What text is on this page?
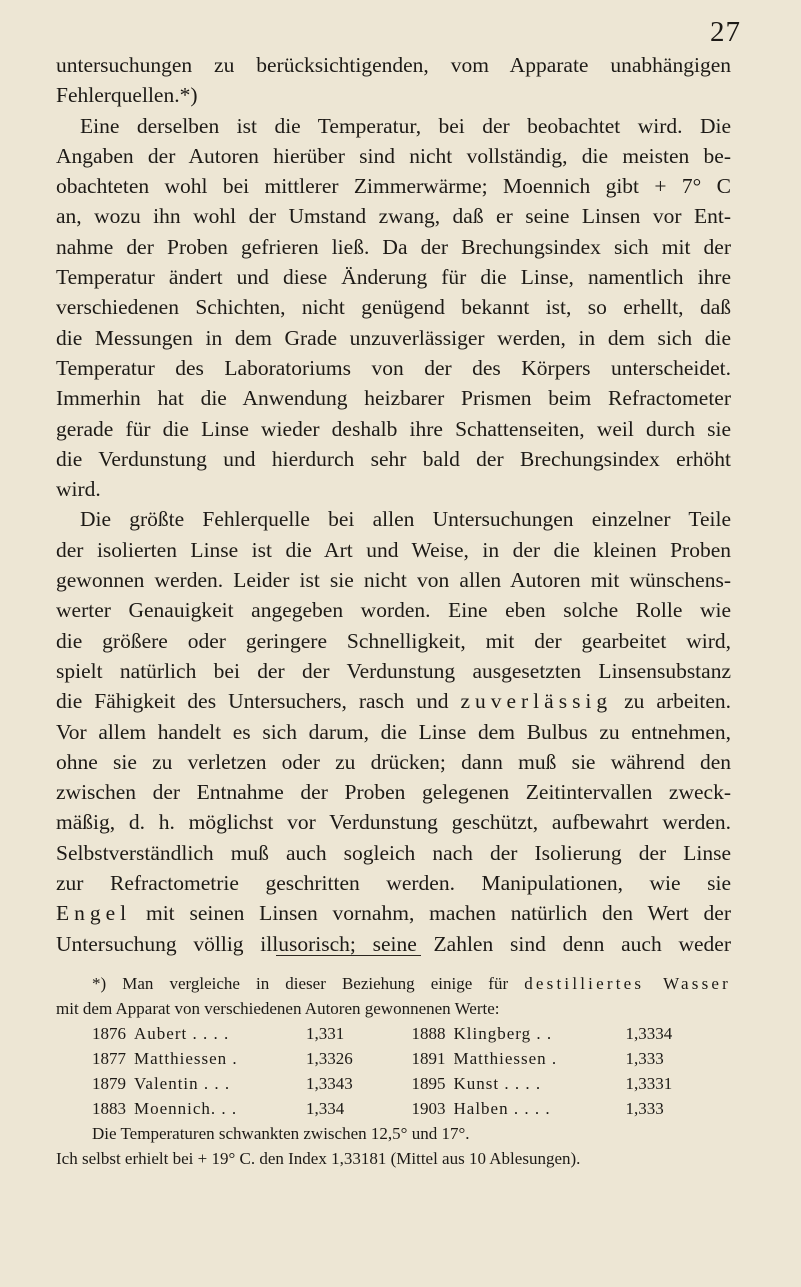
27
untersuchungen zu berücksichtigenden, vom Apparate unabhängigen
Fehlerquellen.*)
Eine derselben ist die Temperatur, bei der beobachtet wird. Die
Angaben der Autoren hierüber sind nicht vollständig, die meisten be-
obachteten wohl bei mittlerer Zimmerwärme; Moennich gibt + 7° C
an, wozu ihn wohl der Umstand zwang, daß er seine Linsen vor Ent-
nahme der Proben gefrieren ließ. Da der Brechungsindex sich mit der
Temperatur ändert und diese Änderung für die Linse, namentlich ihre
verschiedenen Schichten, nicht genügend bekannt ist, so erhellt, daß
die Messungen in dem Grade unzuverlässiger werden, in dem sich die
Temperatur des Laboratoriums von der des Körpers unterscheidet.
Immerhin hat die Anwendung heizbarer Prismen beim Refractometer
gerade für die Linse wieder deshalb ihre Schattenseiten, weil durch sie
die Verdunstung und hierdurch sehr bald der Brechungsindex erhöht
wird.
Die größte Fehlerquelle bei allen Untersuchungen einzelner Teile
der isolierten Linse ist die Art und Weise, in der die kleinen Proben
gewonnen werden. Leider ist sie nicht von allen Autoren mit wünschens-
werter Genauigkeit angegeben worden. Eine eben solche Rolle wie
die größere oder geringere Schnelligkeit, mit der gearbeitet wird,
spielt natürlich bei der der Verdunstung ausgesetzten Linsensubstanz
die Fähigkeit des Untersuchers, rasch und zuverlässig zu arbeiten.
Vor allem handelt es sich darum, die Linse dem Bulbus zu entnehmen,
ohne sie zu verletzen oder zu drücken; dann muß sie während den
zwischen der Entnahme der Proben gelegenen Zeitintervallen zweck-
mäßig, d. h. möglichst vor Verdunstung geschützt, aufbewahrt werden.
Selbstverständlich muß auch sogleich nach der Isolierung der Linse
zur Refractometrie geschritten werden. Manipulationen, wie sie
Engel mit seinen Linsen vornahm, machen natürlich den Wert der
Untersuchung völlig illusorisch; seine Zahlen sind denn auch weder
*) Man vergleiche in dieser Beziehung einige für destilliertes Wasser
mit dem Apparat von verschiedenen Autoren gewonnenen Werte:
1876 Aubert . . . .	1,331	1888 Klingberg . .	1,3334
1877 Matthiessen .	1,3326	1891 Matthiessen .	1,333
1879 Valentin . . .	1,3343	1895 Kunst . . . .	1,3331
1883 Moennich. . .	1,334	1903 Halben . . . .	1,333
Die Temperaturen schwankten zwischen 12,5° und 17°.
Ich selbst erhielt bei + 19° C. den Index 1,33181 (Mittel aus 10 Ablesungen).
